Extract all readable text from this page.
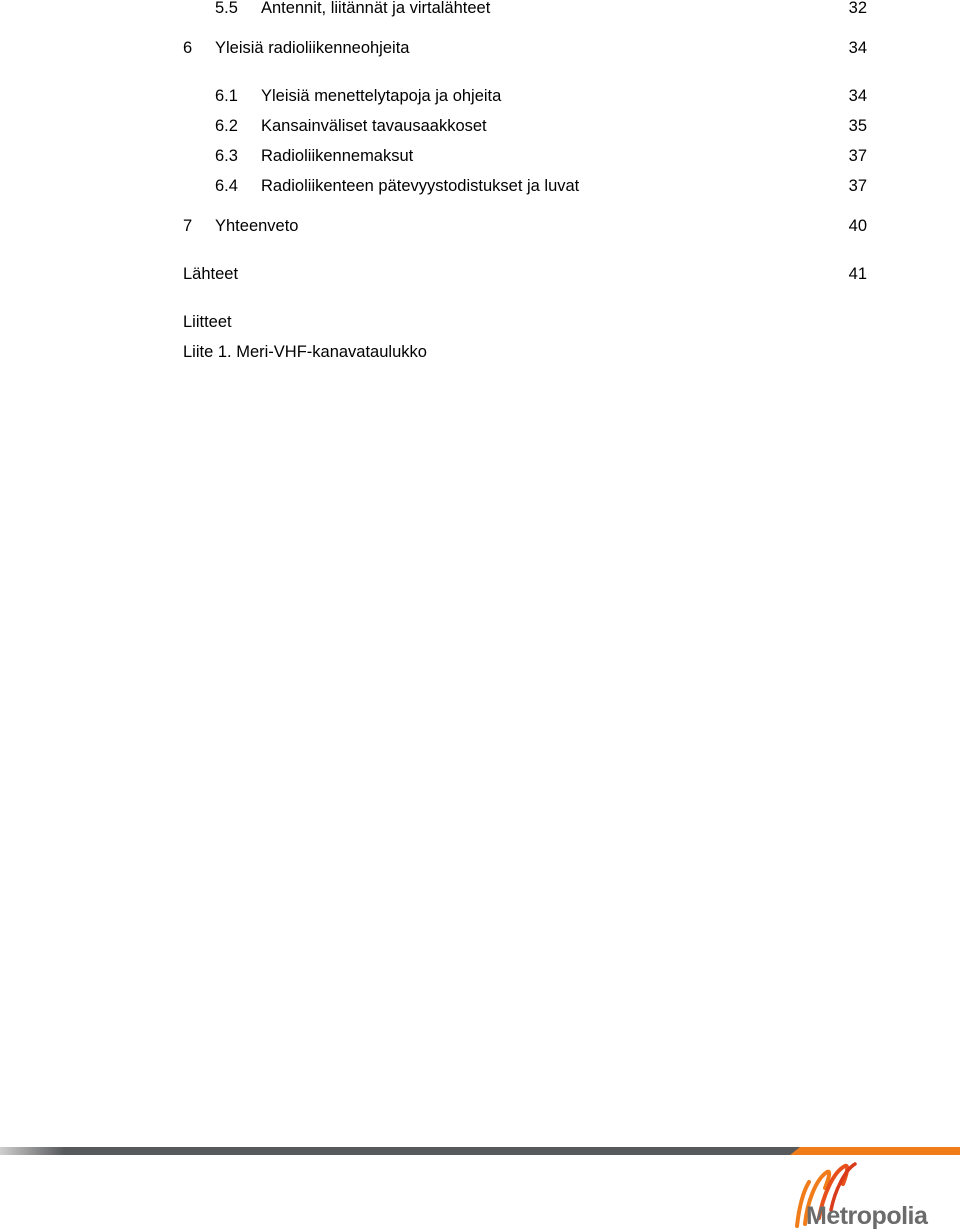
5.5 Antennit, liitännät ja virtalähteet	32
6 Yleisiä radioliikenneohjeita	34
6.1 Yleisiä menettelytapoja ja ohjeita	34
6.2 Kansainväliset tavausaakkoset	35
6.3 Radioliikennemaksut	37
6.4 Radioliikenteen pätevyystodistukset ja luvat	37
7 Yhteenveto	40
Lähteet	41
Liitteet
Liite 1. Meri-VHF-kanavataulukko
Metropolia
